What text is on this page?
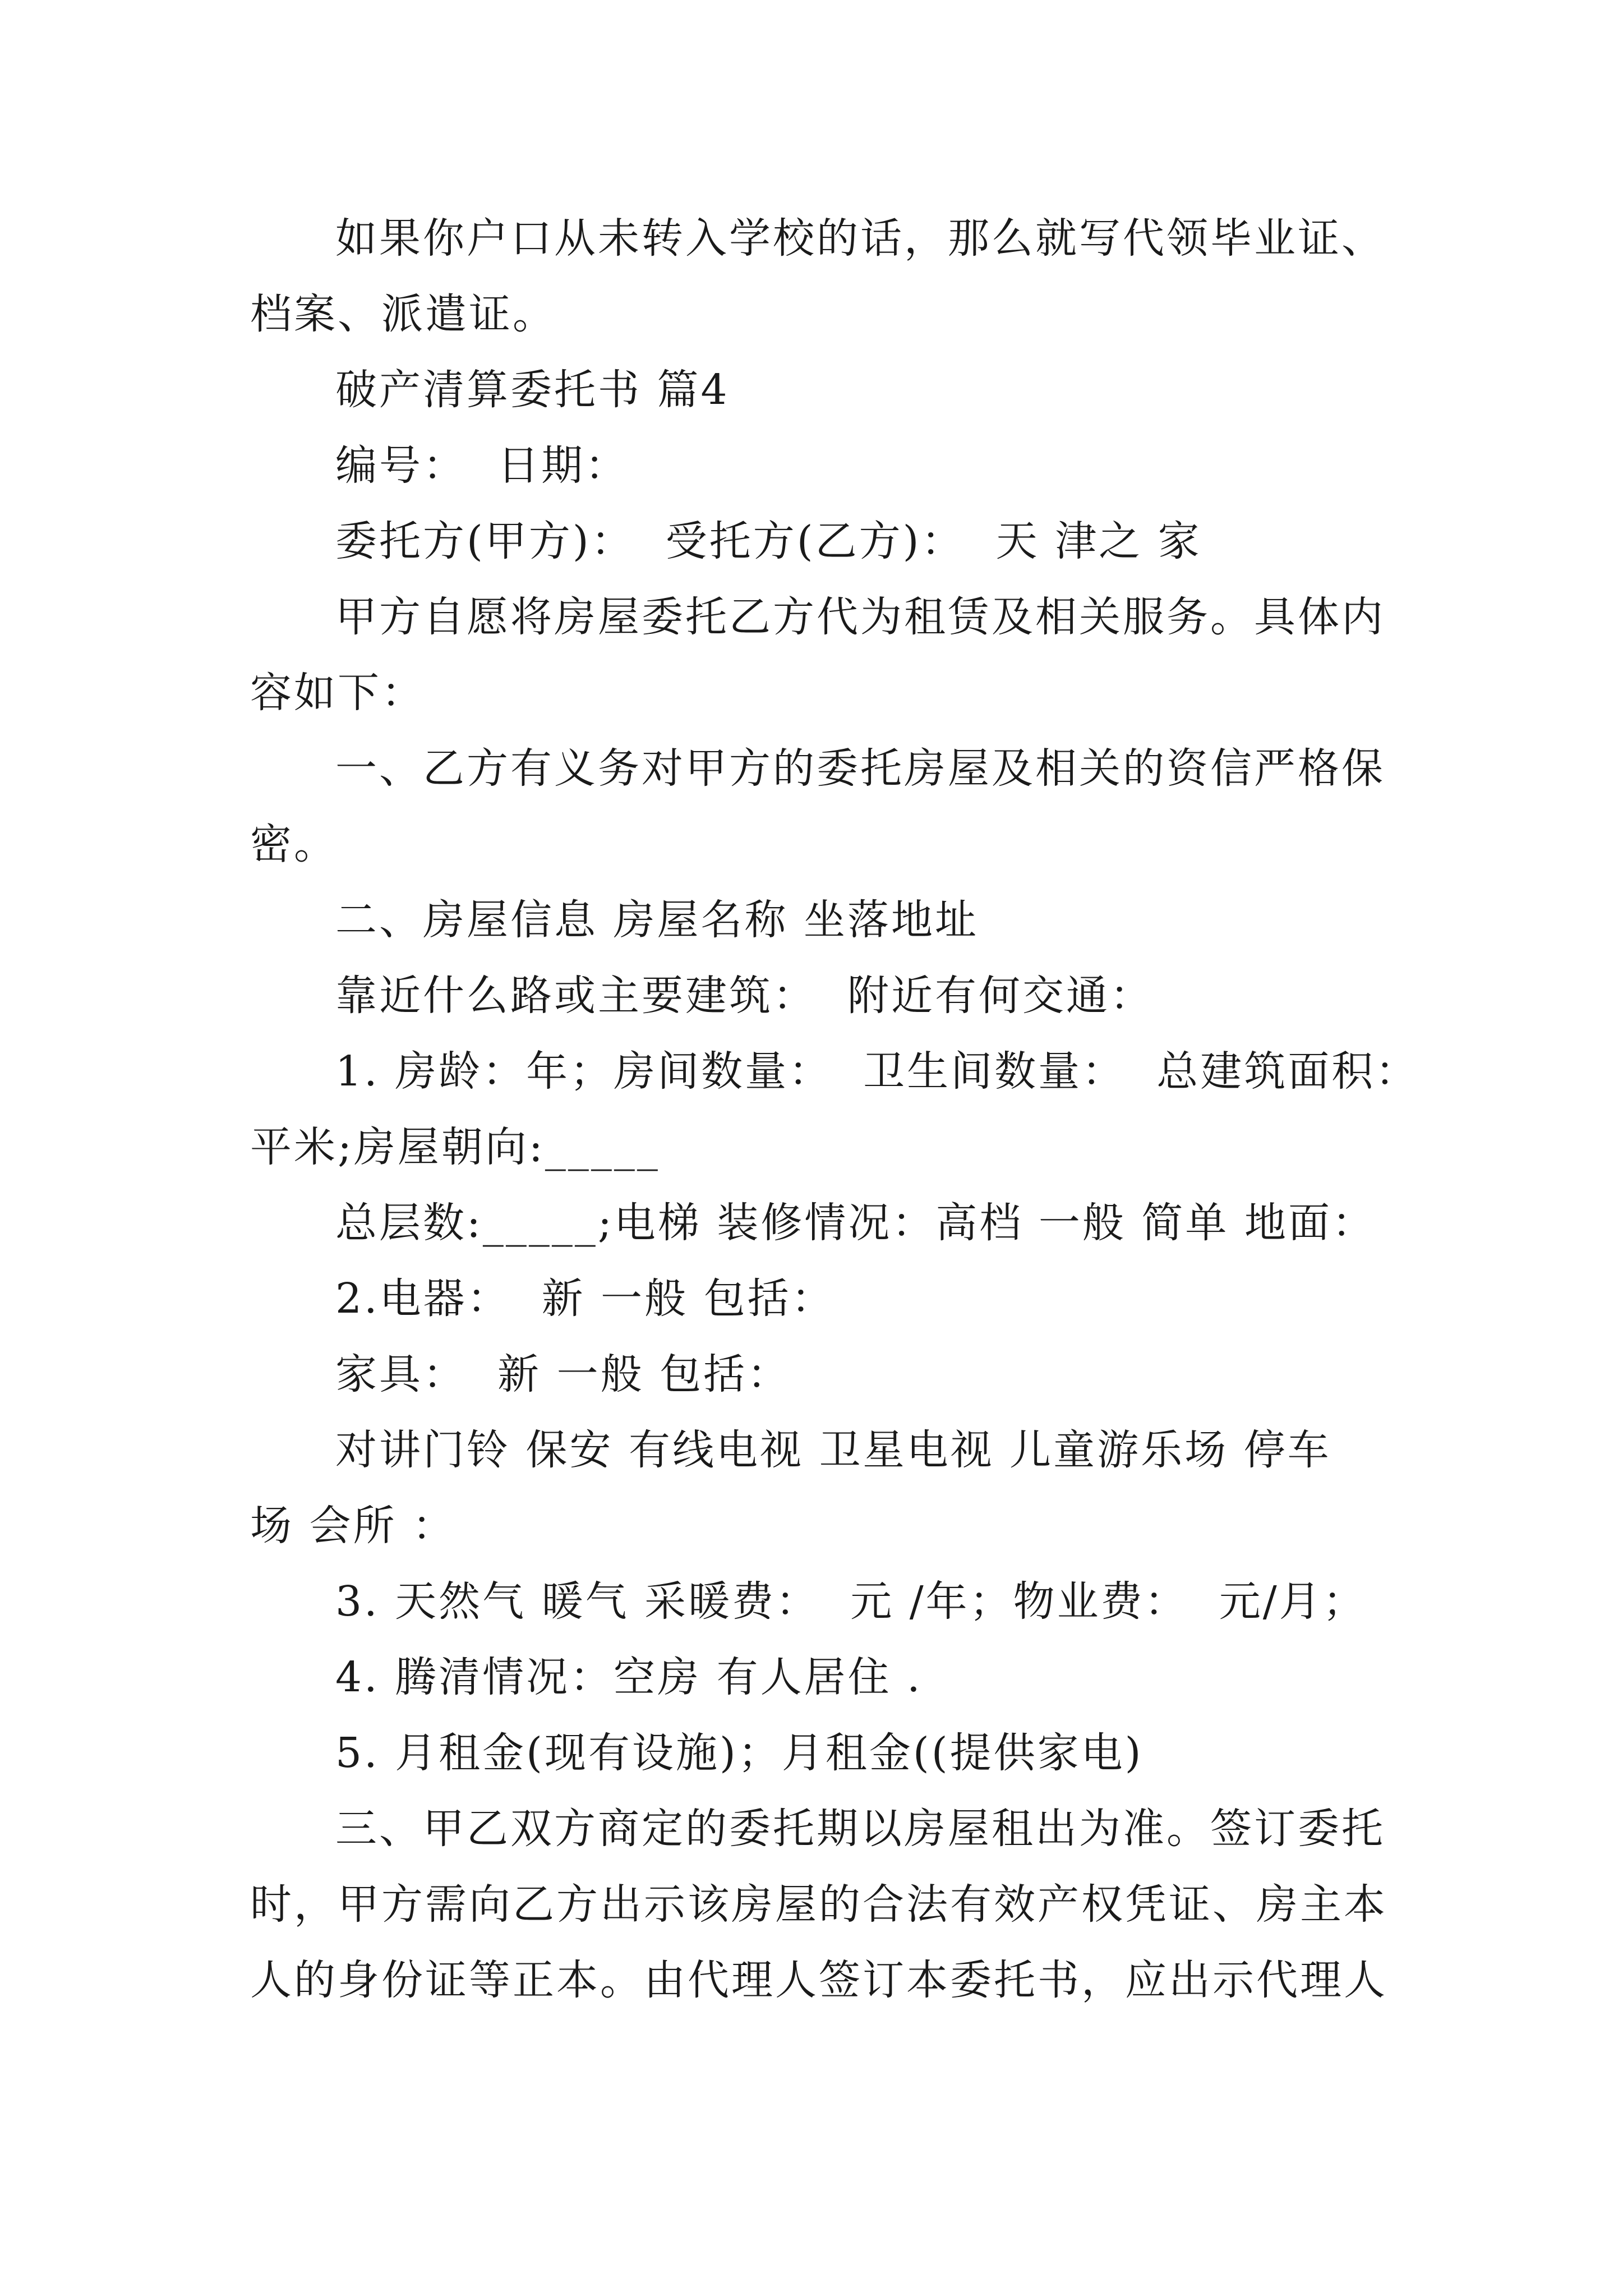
如果你户口从未转入学校的话，那么就写代领毕业证、
档案、派遣证。
破产清算委托书 篇4
编号：  日期：
委托方(甲方)：  受托方(乙方)：  天 津之 家
甲方自愿将房屋委托乙方代为租赁及相关服务。具体内
容如下：
一、乙方有义务对甲方的委托房屋及相关的资信严格保
密。
二、房屋信息 房屋名称 坐落地址
靠近什么路或主要建筑：  附近有何交通：
1. 房龄：年；房间数量：  卫生间数量：  总建筑面积：
平米;房屋朝向:_____
总层数:_____;电梯 装修情况：高档 一般 简单 地面：
2.电器：  新 一般 包括：
家具：  新 一般 包括：
对讲门铃 保安 有线电视 卫星电视 儿童游乐场 停车
场 会所 ：
3. 天然气 暖气 采暖费：  元 /年；物业费：  元/月；
4. 腾清情况：空房 有人居住 .
5. 月租金(现有设施)；月租金((提供家电)
三、甲乙双方商定的委托期以房屋租出为准。签订委托
时，甲方需向乙方出示该房屋的合法有效产权凭证、房主本
人的身份证等正本。由代理人签订本委托书，应出示代理人
